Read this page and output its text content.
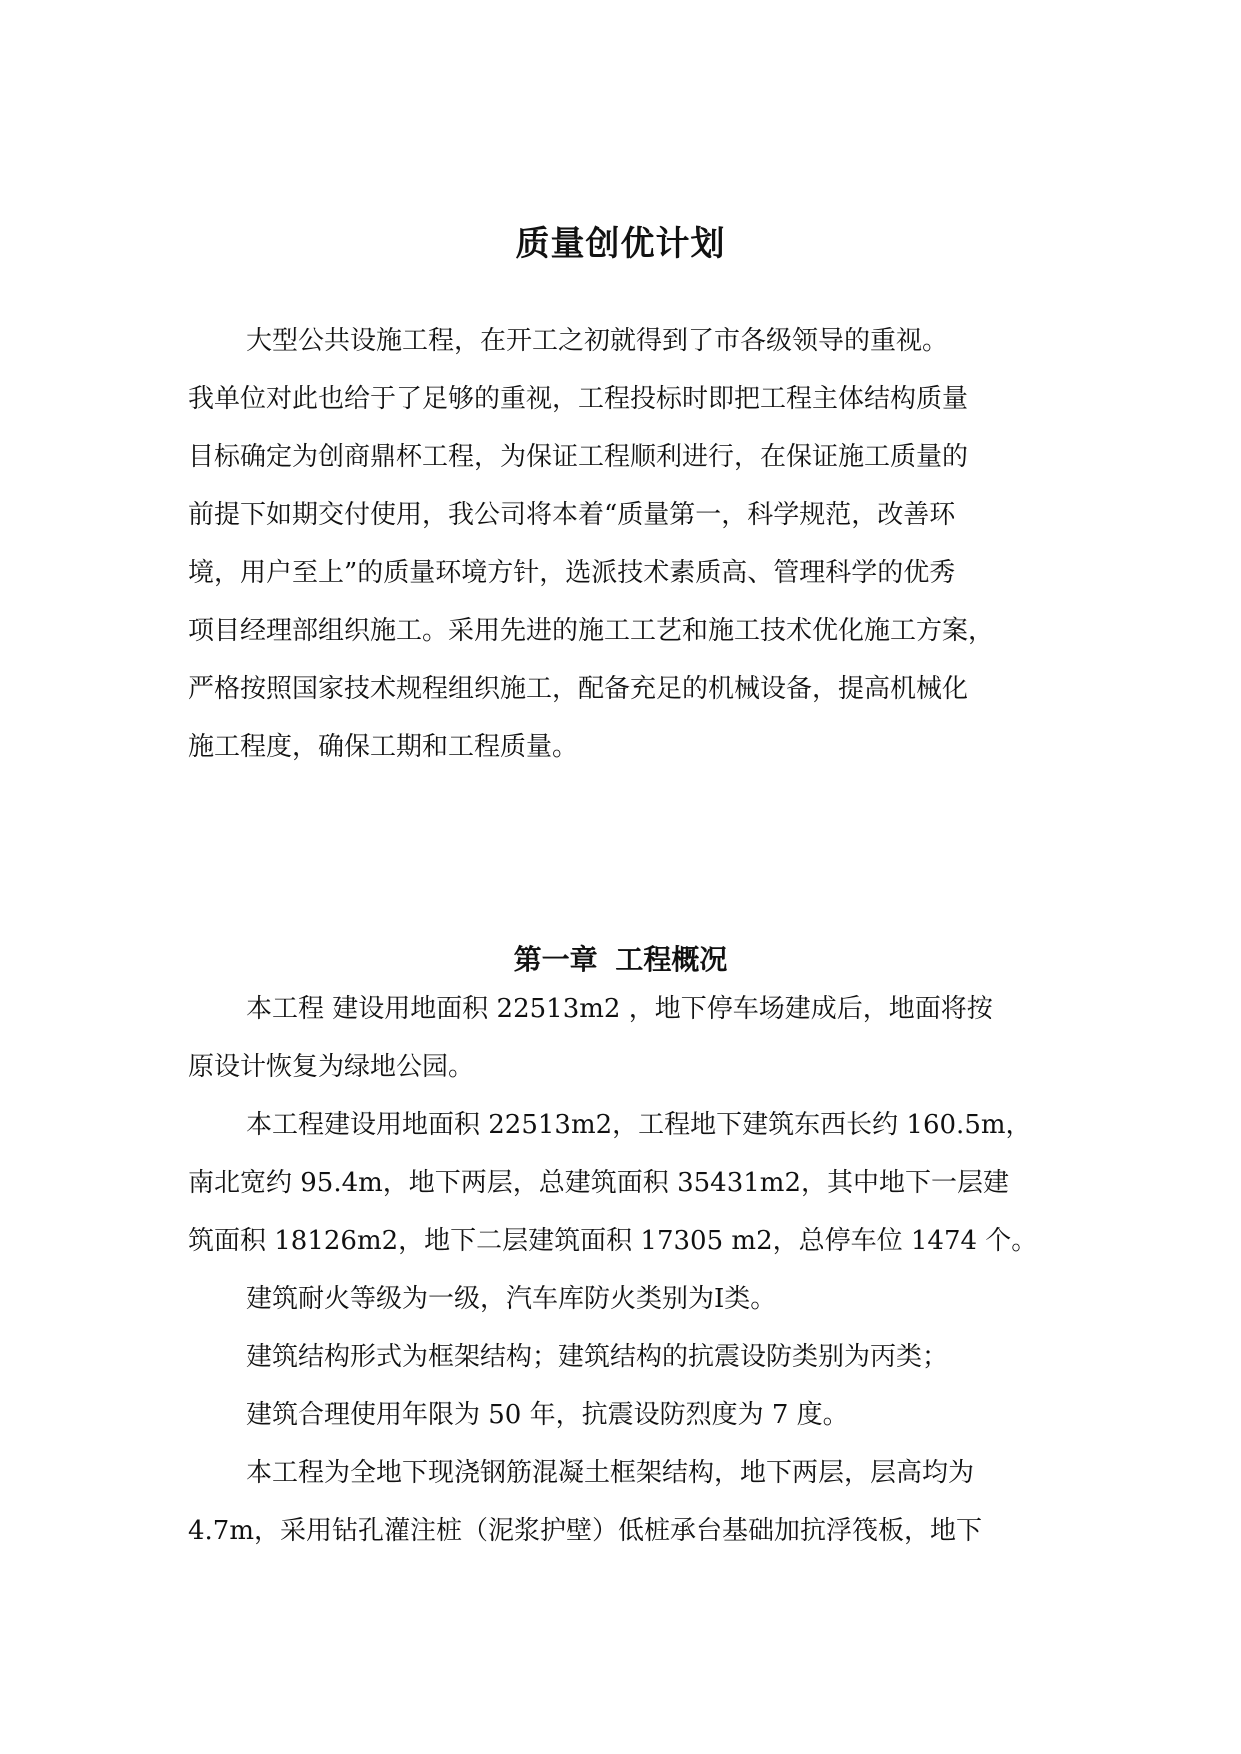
质量创优计划
大型公共设施工程，在开工之初就得到了市各级领导的重视。
我单位对此也给于了足够的重视，工程投标时即把工程主体结构质量
目标确定为创商鼎杯工程，为保证工程顺利进行，在保证施工质量的
前提下如期交付使用，我公司将本着“质量第一，科学规范，改善环
境，用户至上”的质量环境方针，选派技术素质高、管理科学的优秀
项目经理部组织施工。采用先进的施工工艺和施工技术优化施工方案，
严格按照国家技术规程组织施工，配备充足的机械设备，提高机械化
施工程度，确保工期和工程质量。
第一章 工程概况
本工程 建设用地面积 22513m2 ，地下停车场建成后，地面将按
原设计恢复为绿地公园。
本工程建设用地面积 22513m2，工程地下建筑东西长约 160.5m，
南北宽约 95.4m，地下两层，总建筑面积 35431m2，其中地下一层建
筑面积 18126m2，地下二层建筑面积 17305 m2，总停车位 1474 个。
建筑耐火等级为一级，汽车库防火类别为Ⅰ类。
建筑结构形式为框架结构；建筑结构的抗震设防类别为丙类；
建筑合理使用年限为 50 年，抗震设防烈度为 7 度。
本工程为全地下现浇钢筋混凝土框架结构，地下两层，层高均为
4.7m，采用钻孔灌注桩（泥浆护壁）低桩承台基础加抗浮筏板，地下
